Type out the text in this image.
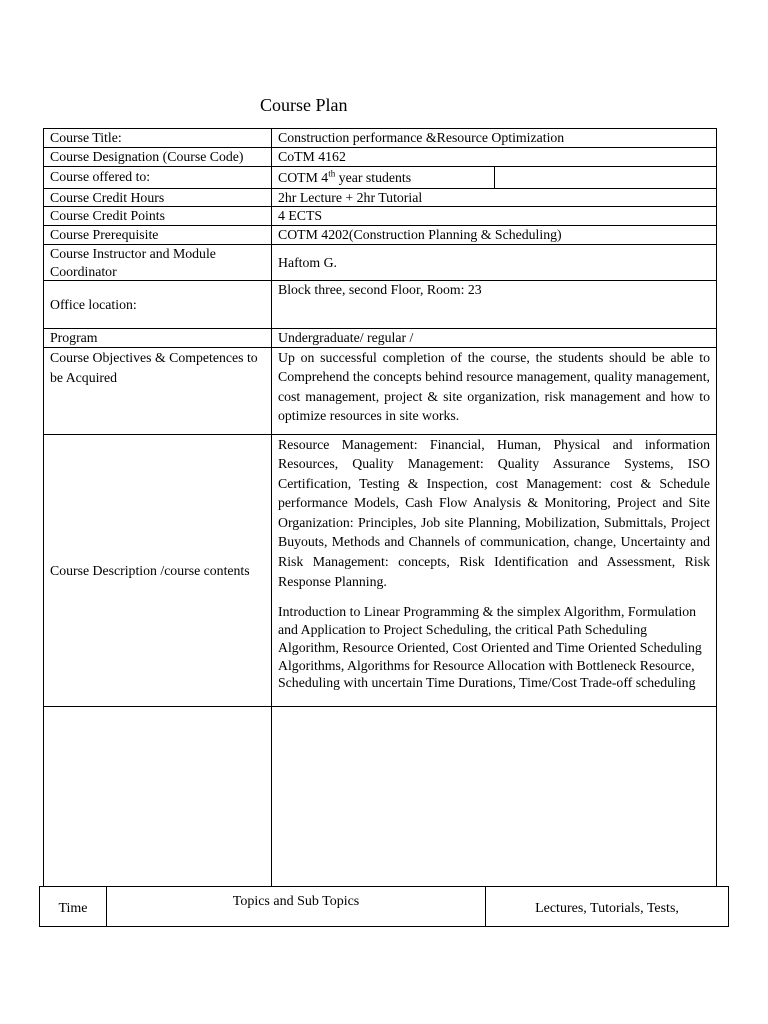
Course Plan
Course Title:	Construction performance &Resource Optimization
Course Designation (Course Code)	CoTM 4162
Course offered to:	COTM 4th year students

Course Credit Hours	2hr Lecture + 2hr Tutorial
Course Credit Points	4 ECTS
Course Prerequisite	COTM 4202(Construction Planning & Scheduling)
Course Instructor and Module Coordinator	Haftom G.
Office location:	Block three, second Floor, Room: 23
Program	Undergraduate/ regular /
Course Objectives & Competences to be Acquired	Up on successful completion of the course, the students should be able to Comprehend the concepts behind resource management, quality management, cost management, project & site organization, risk management and how to optimize resources in site works.
Course Description /course contents	Resource Management: Financial, Human, Physical and information Resources, Quality Management: Quality Assurance Systems, ISO Certification, Testing & Inspection, cost Management: cost & Schedule performance Models, Cash Flow Analysis & Monitoring, Project and Site Organization: Principles, Job site Planning, Mobilization, Submittals, Project Buyouts, Methods and Channels of communication, change, Uncertainty and Risk Management: concepts, Risk Identification and Assessment, Risk Response Planning.

Introduction to Linear Programming & the simplex Algorithm, Formulation and Application to Project Scheduling, the critical Path Scheduling Algorithm, Resource Oriented, Cost Oriented and Time Oriented Scheduling Algorithms, Algorithms for Resource Allocation with Bottleneck Resource, Scheduling with uncertain Time Durations, Time/Cost Trade-off scheduling

Time	Topics and Sub Topics	Lectures, Tutorials, Tests,
